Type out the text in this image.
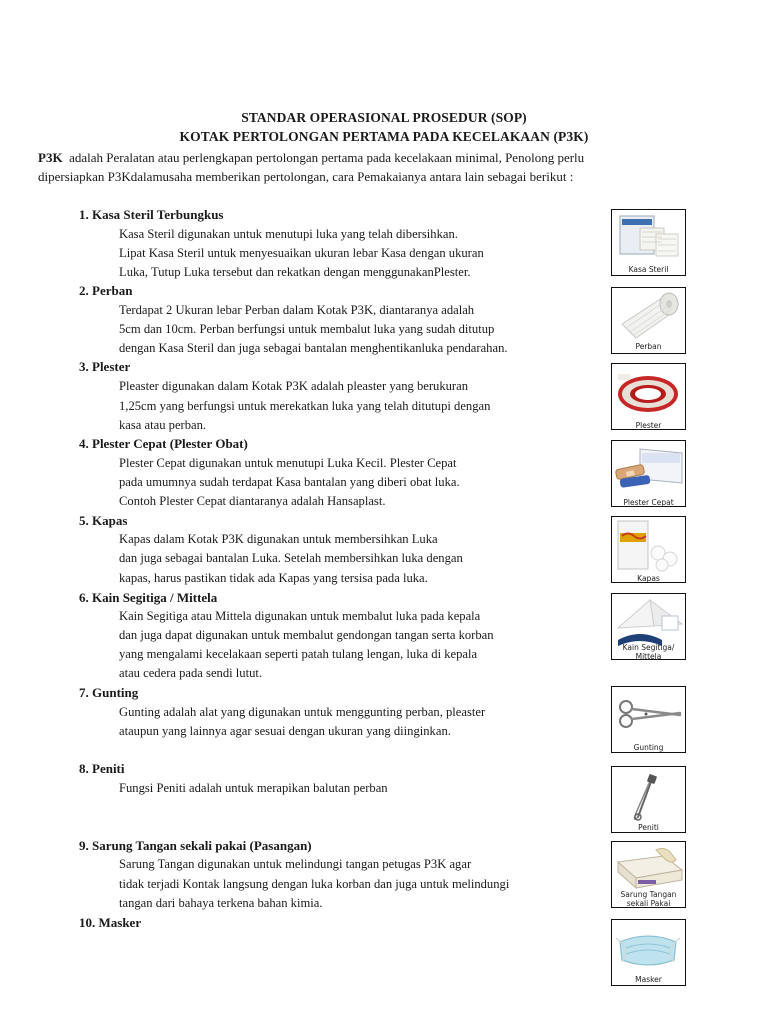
STANDAR OPERASIONAL PROSEDUR (SOP)
KOTAK PERTOLONGAN PERTAMA PADA KECELAKAAN (P3K)
P3K  adalah Peralatan atau perlengkapan pertolongan pertama pada kecelakaan minimal, Penolong perlu
dipersiapkan P3Kdalamusaha memberikan pertolongan, cara Pemakaianya antara lain sebagai berikut :
1. Kasa Steril Terbungkus
Kasa Steril digunakan untuk menutupi luka yang telah dibersihkan.
Lipat Kasa Steril untuk menyesuaikan ukuran lebar Kasa dengan ukuran
Luka, Tutup Luka tersebut dan rekatkan dengan menggunakanPlester.
2. Perban
Terdapat 2 Ukuran lebar Perban dalam Kotak P3K, diantaranya adalah
5cm dan 10cm. Perban berfungsi untuk membalut luka yang sudah ditutup
dengan Kasa Steril dan juga sebagai bantalan menghentikanluka pendarahan.
3. Plester
Pleaster digunakan dalam Kotak P3K adalah pleaster yang berukuran
1,25cm yang berfungsi untuk merekatkan luka yang telah ditutupi dengan
kasa atau perban.
4. Plester Cepat (Plester Obat)
Plester Cepat digunakan untuk menutupi Luka Kecil. Plester Cepat
pada umumnya sudah terdapat Kasa bantalan yang diberi obat luka.
Contoh Plester Cepat diantaranya adalah Hansaplast.
5. Kapas
Kapas dalam Kotak P3K digunakan untuk membersihkan Luka
dan juga sebagai bantalan Luka. Setelah membersihkan luka dengan
kapas, harus pastikan tidak ada Kapas yang tersisa pada luka.
6. Kain Segitiga / Mittela
Kain Segitiga atau Mittela digunakan untuk membalut luka pada kepala
dan juga dapat digunakan untuk membalut gendongan tangan serta korban
yang mengalami kecelakaan seperti patah tulang lengan, luka di kepala
atau cedera pada sendi lutut.
7. Gunting
Gunting adalah alat yang digunakan untuk menggunting perban, pleaster
ataupun yang lainnya agar sesuai dengan ukuran yang diinginkan.
8. Peniti
Fungsi Peniti adalah untuk merapikan balutan perban
9. Sarung Tangan sekali pakai (Pasangan)
Sarung Tangan digunakan untuk melindungi tangan petugas P3K agar
tidak terjadi Kontak langsung dengan luka korban dan juga untuk melindungi
tangan dari bahaya terkena bahan kimia.
10. Masker
Kasa Steril
Perban
Plester
Plester Cepat
Kapas
Kain Segitiga/
Mittela
Gunting
Peniti
Sarung Tangan
sekali Pakai
Masker
